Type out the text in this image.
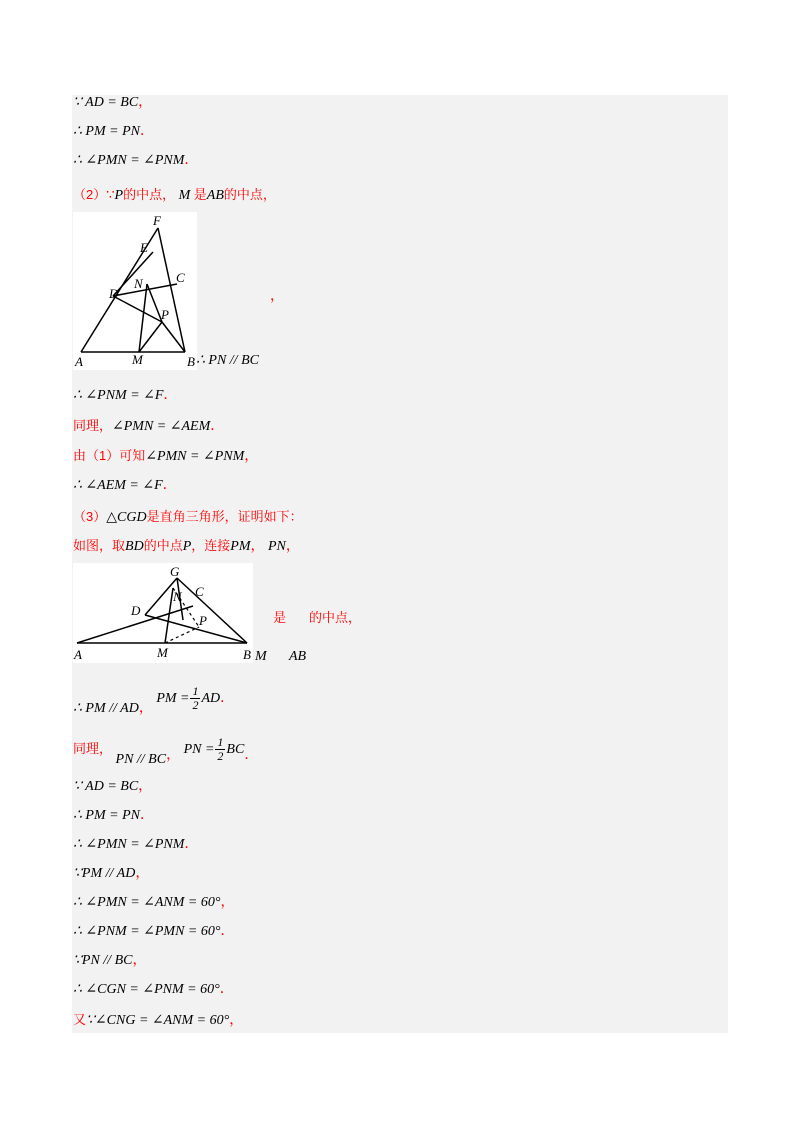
∵ AD = BC，
∴ PM = PN．
∴ ∠PMN = ∠PNM．
（2）∵P的中点， M 是AB的中点，
F
E
N	C
D
P
A	M	B
，
∴ PN // BC
∴ ∠PNM = ∠F．
同理，∠PMN = ∠AEM．
由（1）可知∠PMN = ∠PNM，
∴ ∠AEM = ∠F．
（3）△CGD是直角三角形，证明如下：
如图，取BD的中点P，连接PM， PN，
G
N C
D
P
A	M	B
是 的中点，
M AB
∴ PM // AD， PM = $\frac{1}{2}$ AD．
同理， PN // BC， PN = $\frac{1}{2}$ BC．
∵ AD = BC，
∴ PM = PN．
∴ ∠PMN = ∠PNM．
∵PM // AD，
∴ ∠PMN = ∠ANM = 60°，
∴ ∠PNM = ∠PMN = 60°．
∵PN // BC，
∴ ∠CGN = ∠PNM = 60°．
又∵∠CNG = ∠ANM = 60°，
